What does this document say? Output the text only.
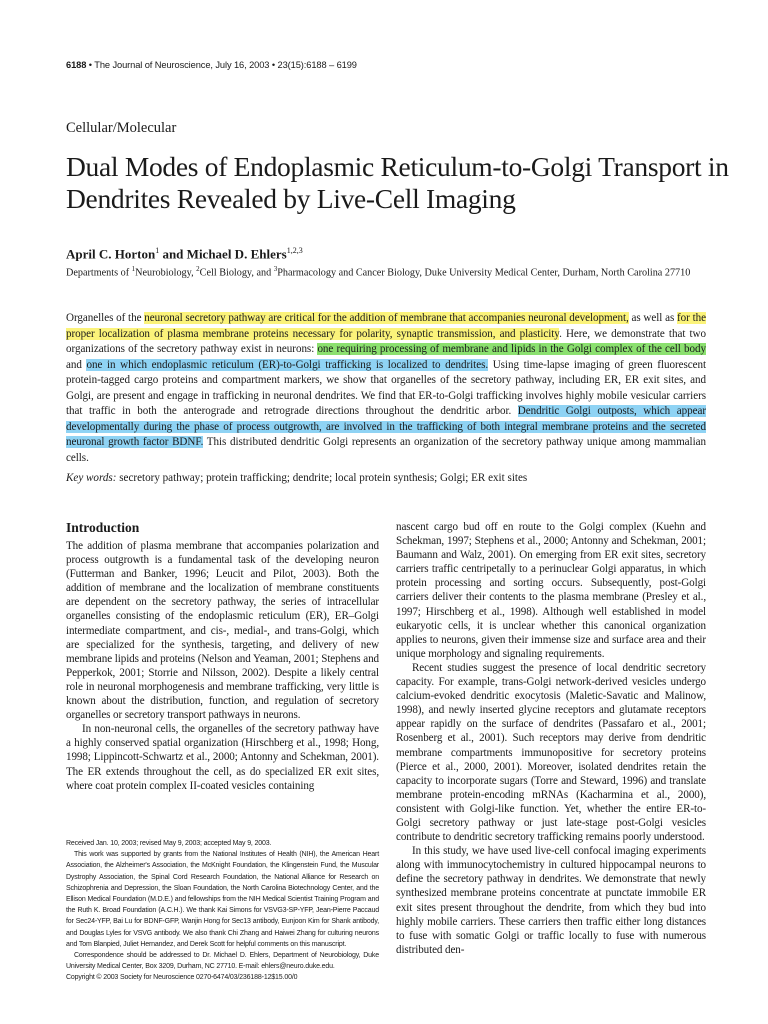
6188 • The Journal of Neuroscience, July 16, 2003 • 23(15):6188 – 6199
Cellular/Molecular
Dual Modes of Endoplasmic Reticulum-to-Golgi Transport in Dendrites Revealed by Live-Cell Imaging
April C. Horton$^1$ and Michael D. Ehlers$^{1,2,3}$
Departments of $^1$Neurobiology, $^2$Cell Biology, and $^3$Pharmacology and Cancer Biology, Duke University Medical Center, Durham, North Carolina 27710

Organelles of the neuronal secretory pathway are critical for the addition of membrane that accompanies neuronal development, as well as for the proper localization of plasma membrane proteins necessary for polarity, synaptic transmission, and plasticity. Here, we demonstrate that two organizations of the secretory pathway exist in neurons: one requiring processing of membrane and lipids in the Golgi complex of the cell body and one in which endoplasmic reticulum (ER)-to-Golgi trafficking is localized to dendrites. Using time-lapse imaging of green fluorescent protein-tagged cargo proteins and compartment markers, we show that organelles of the secretory pathway, including ER, ER exit sites, and Golgi, are present and engage in trafficking in neuronal dendrites. We find that ER-to-Golgi trafficking involves highly mobile vesicular carriers that traffic in both the anterograde and retrograde directions throughout the dendritic arbor. Dendritic Golgi outposts, which appear developmentally during the phase of process outgrowth, are involved in the trafficking of both integral membrane proteins and the secreted neuronal growth factor BDNF. This distributed dendritic Golgi represents an organization of the secretory pathway unique among mammalian cells.

Key words: secretory pathway; protein trafficking; dendrite; local protein synthesis; Golgi; ER exit sites
Introduction

The addition of plasma membrane that accompanies polarization and process outgrowth is a fundamental task of the developing neuron (Futterman and Banker, 1996; Leucit and Pilot, 2003). Both the addition of membrane and the localization of membrane constituents are dependent on the secretory pathway, the series of intracellular organelles consisting of the endoplasmic reticulum (ER), ER–Golgi intermediate compartment, and cis-, medial-, and trans-Golgi, which are specialized for the synthesis, targeting, and delivery of new membrane lipids and proteins (Nelson and Yeaman, 2001; Stephens and Pepperkok, 2001; Storrie and Nilsson, 2002). Despite a likely central role in neuronal morphogenesis and membrane trafficking, very little is known about the distribution, function, and regulation of secretory organelles or secretory transport pathways in neurons.

In non-neuronal cells, the organelles of the secretory pathway have a highly conserved spatial organization (Hirschberg et al., 1998; Hong, 1998; Lippincott-Schwartz et al., 2000; Antonny and Schekman, 2001). The ER extends throughout the cell, as do specialized ER exit sites, where coat protein complex II-coated vesicles containing

nascent cargo bud off en route to the Golgi complex (Kuehn and Schekman, 1997; Stephens et al., 2000; Antonny and Schekman, 2001; Baumann and Walz, 2001). On emerging from ER exit sites, secretory carriers traffic centripetally to a perinuclear Golgi apparatus, in which protein processing and sorting occurs. Subsequently, post-Golgi carriers deliver their contents to the plasma membrane (Presley et al., 1997; Hirschberg et al., 1998). Although well established in model eukaryotic cells, it is unclear whether this canonical organization applies to neurons, given their immense size and surface area and their unique morphology and signaling requirements.

Recent studies suggest the presence of local dendritic secretory capacity. For example, trans-Golgi network-derived vesicles undergo calcium-evoked dendritic exocytosis (Maletic-Savatic and Malinow, 1998), and newly inserted glycine receptors and glutamate receptors appear rapidly on the surface of dendrites (Passafaro et al., 2001; Rosenberg et al., 2001). Such receptors may derive from dendritic membrane compartments immunopositive for secretory proteins (Pierce et al., 2000, 2001). Moreover, isolated dendrites retain the capacity to incorporate sugars (Torre and Steward, 1996) and translate membrane protein-encoding mRNAs (Kacharmina et al., 2000), consistent with Golgi-like function. Yet, whether the entire ER-to-Golgi secretory pathway or just late-stage post-Golgi vesicles contribute to dendritic secretory trafficking remains poorly understood.

In this study, we have used live-cell confocal imaging experiments along with immunocytochemistry in cultured hippocampal neurons to define the secretory pathway in dendrites. We demonstrate that newly synthesized membrane proteins concentrate at punctate immobile ER exit sites present throughout the dendrite, from which they bud into highly mobile carriers. These carriers then traffic either long distances to fuse with somatic Golgi or traffic locally to fuse with numerous distributed den-

Received Jan. 10, 2003; revised May 9, 2003; accepted May 9, 2003.

This work was supported by grants from the National Institutes of Health (NIH), the American Heart Association, the Alzheimer's Association, the McKnight Foundation, the Klingenstein Fund, the Muscular Dystrophy Association, the Spinal Cord Research Foundation, the National Alliance for Research on Schizophrenia and Depression, the Sloan Foundation, the North Carolina Biotechnology Center, and the Ellison Medical Foundation (M.D.E.) and fellowships from the NIH Medical Scientist Training Program and the Ruth K. Broad Foundation (A.C.H.). We thank Kai Simons for VSVG3-SP-YFP, Jean-Pierre Paccaud for Sec24-YFP, Bai Lu for BDNF-GFP, Wanjin Hong for Sec13 antibody, Eunjoon Kim for Shank antibody, and Douglas Lyles for VSVG antibody. We also thank Chi Zhang and Haiwei Zhang for culturing neurons and Tom Blanpied, Juliet Hernandez, and Derek Scott for helpful comments on this manuscript.

Correspondence should be addressed to Dr. Michael D. Ehlers, Department of Neurobiology, Duke University Medical Center, Box 3209, Durham, NC 27710. E-mail: ehlers@neuro.duke.edu.

Copyright © 2003 Society for Neuroscience 0270-6474/03/236188-12$15.00/0
